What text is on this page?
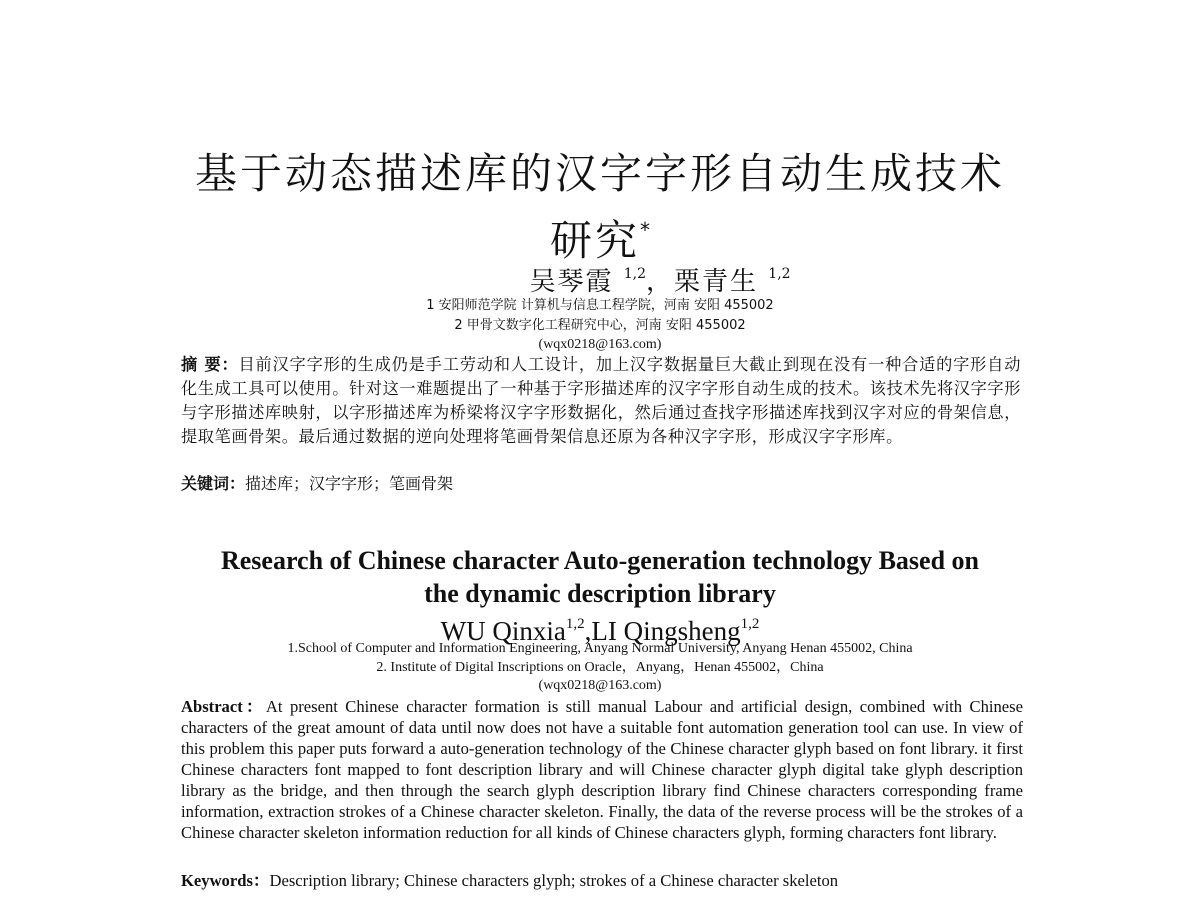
基于动态描述库的汉字字形自动生成技术
研究*
吴琴霞 $^{1,2}$，栗青生 $^{1,2}$
1 安阳师范学院 计算机与信息工程学院，河南 安阳 455002
2 甲骨文数字化工程研究中心，河南 安阳 455002
(wqx0218@163.com)
摘 要：目前汉字字形的生成仍是手工劳动和人工设计，加上汉字数据量巨大截止到现在没有一种合适的字形自动化生成工具可以使用。针对这一难题提出了一种基于字形描述库的汉字字形自动生成的技术。该技术先将汉字字形与字形描述库映射，以字形描述库为桥梁将汉字字形数据化，然后通过查找字形描述库找到汉字对应的骨架信息，提取笔画骨架。最后通过数据的逆向处理将笔画骨架信息还原为各种汉字字形，形成汉字字形库。
关键词：描述库；汉字字形；笔画骨架
Research of Chinese character Auto-generation technology Based on
the dynamic description library
WU Qinxia$^{1,2}$,LI Qingsheng$^{1,2}$
1.School of Computer and Information Engineering, Anyang Normal University, Anyang Henan 455002, China
2. Institute of Digital Inscriptions on Oracle，Anyang，Henan 455002，China
(wqx0218@163.com)
Abstract：At present Chinese character formation is still manual Labour and artificial design, combined with Chinese characters of the great amount of data until now does not have a suitable font automation generation tool can use. In view of this problem this paper puts forward a auto-generation technology of the Chinese character glyph based on font library. it first Chinese characters font mapped to font description library and will Chinese character glyph digital take glyph description library as the bridge, and then through the search glyph description library find Chinese characters corresponding frame information, extraction strokes of a Chinese character skeleton. Finally, the data of the reverse process will be the strokes of a Chinese character skeleton information reduction for all kinds of Chinese characters glyph, forming characters font library.
Keywords：Description library; Chinese characters glyph; strokes of a Chinese character skeleton
